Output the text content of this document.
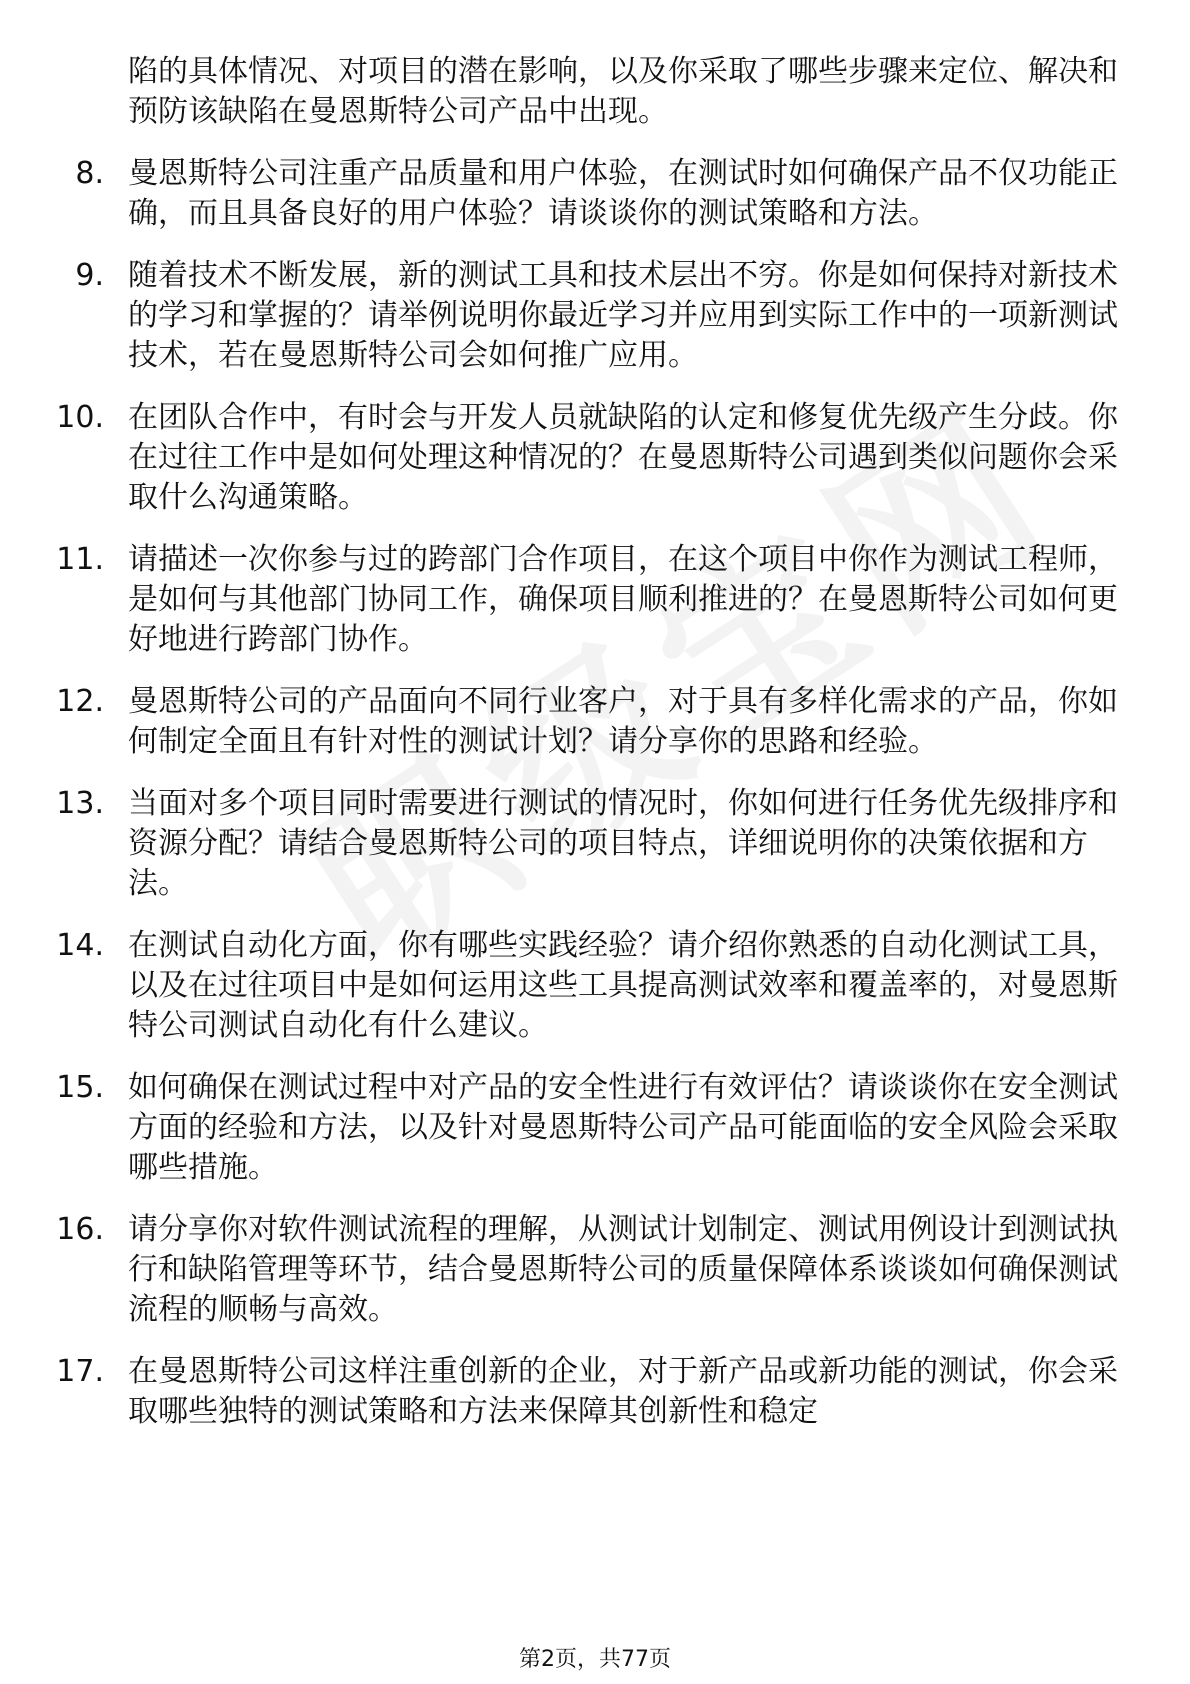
陷的具体情况、对项目的潜在影响，以及你采取了哪些步骤来定位、解决和预防该缺陷在曼恩斯特公司产品中出现。
8. 曼恩斯特公司注重产品质量和用户体验，在测试时如何确保产品不仅功能正确，而且具备良好的用户体验？请谈谈你的测试策略和方法。
9. 随着技术不断发展，新的测试工具和技术层出不穷。你是如何保持对新技术的学习和掌握的？请举例说明你最近学习并应用到实际工作中的一项新测试技术，若在曼恩斯特公司会如何推广应用。
10. 在团队合作中，有时会与开发人员就缺陷的认定和修复优先级产生分歧。你在过往工作中是如何处理这种情况的？在曼恩斯特公司遇到类似问题你会采取什么沟通策略。
11. 请描述一次你参与过的跨部门合作项目，在这个项目中你作为测试工程师，是如何与其他部门协同工作，确保项目顺利推进的？在曼恩斯特公司如何更好地进行跨部门协作。
12. 曼恩斯特公司的产品面向不同行业客户，对于具有多样化需求的产品，你如何制定全面且有针对性的测试计划？请分享你的思路和经验。
13. 当面对多个项目同时需要进行测试的情况时，你如何进行任务优先级排序和资源分配？请结合曼恩斯特公司的项目特点，详细说明你的决策依据和方法。
14. 在测试自动化方面，你有哪些实践经验？请介绍你熟悉的自动化测试工具，以及在过往项目中是如何运用这些工具提高测试效率和覆盖率的，对曼恩斯特公司测试自动化有什么建议。
15. 如何确保在测试过程中对产品的安全性进行有效评估？请谈谈你在安全测试方面的经验和方法，以及针对曼恩斯特公司产品可能面临的安全风险会采取哪些措施。
16. 请分享你对软件测试流程的理解，从测试计划制定、测试用例设计到测试执行和缺陷管理等环节，结合曼恩斯特公司的质量保障体系谈谈如何确保测试流程的顺畅与高效。
17. 在曼恩斯特公司这样注重创新的企业，对于新产品或新功能的测试，你会采取哪些独特的测试策略和方法来保障其创新性和稳定
第2页，共77页
